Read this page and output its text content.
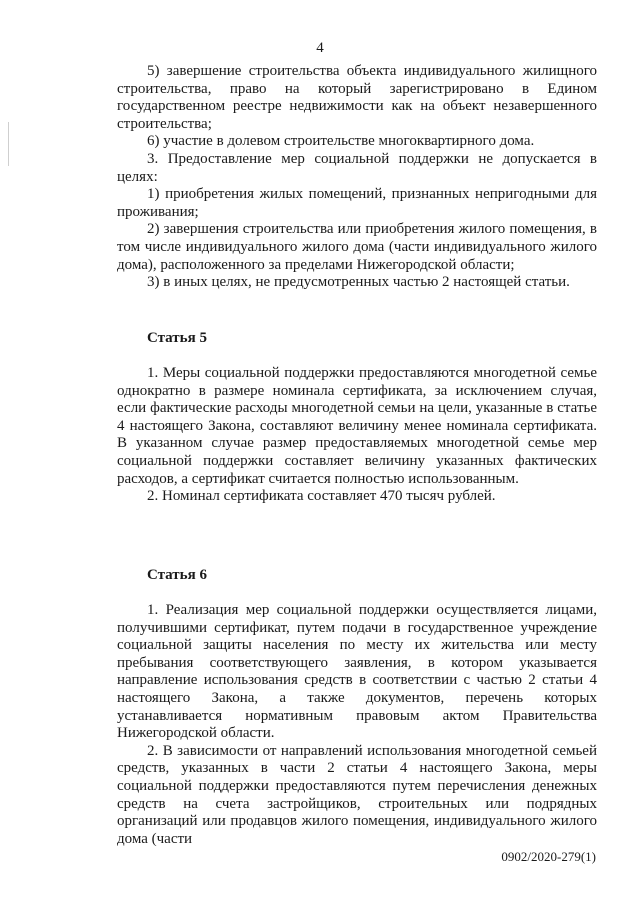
4

5) завершение строительства объекта индивидуального жилищного строительства, право на который зарегистрировано в Едином государственном реестре недвижимости как на объект незавершенного строительства;

6) участие в долевом строительстве многоквартирного дома.

3. Предоставление мер социальной поддержки не допускается в целях:

1) приобретения жилых помещений, признанных непригодными для проживания;

2) завершения строительства или приобретения жилого помещения, в том числе индивидуального жилого дома (части индивидуального жилого дома), расположенного за пределами Нижегородской области;

3) в иных целях, не предусмотренных частью 2 настоящей статьи.

Статья 5

1. Меры социальной поддержки предоставляются многодетной семье однократно в размере номинала сертификата, за исключением случая, если фактические расходы многодетной семьи на цели, указанные в статье 4 настоящего Закона, составляют величину менее номинала сертификата. В указанном случае размер предоставляемых многодетной семье мер социальной поддержки составляет величину указанных фактических расходов, а сертификат считается полностью использованным.

2. Номинал сертификата составляет 470 тысяч рублей.

Статья 6

1. Реализация мер социальной поддержки осуществляется лицами, получившими сертификат, путем подачи в государственное учреждение социальной защиты населения по месту их жительства или месту пребывания соответствующего заявления, в котором указывается направление использования средств в соответствии с частью 2 статьи 4 настоящего Закона, а также документов, перечень которых устанавливается нормативным правовым актом Правительства Нижегородской области.

2. В зависимости от направлений использования многодетной семьей средств, указанных в части 2 статьи 4 настоящего Закона, меры социальной поддержки предоставляются путем перечисления денежных средств на счета застройщиков, строительных или подрядных организаций или продавцов жилого помещения, индивидуального жилого дома (части

0902/2020-279(1)
